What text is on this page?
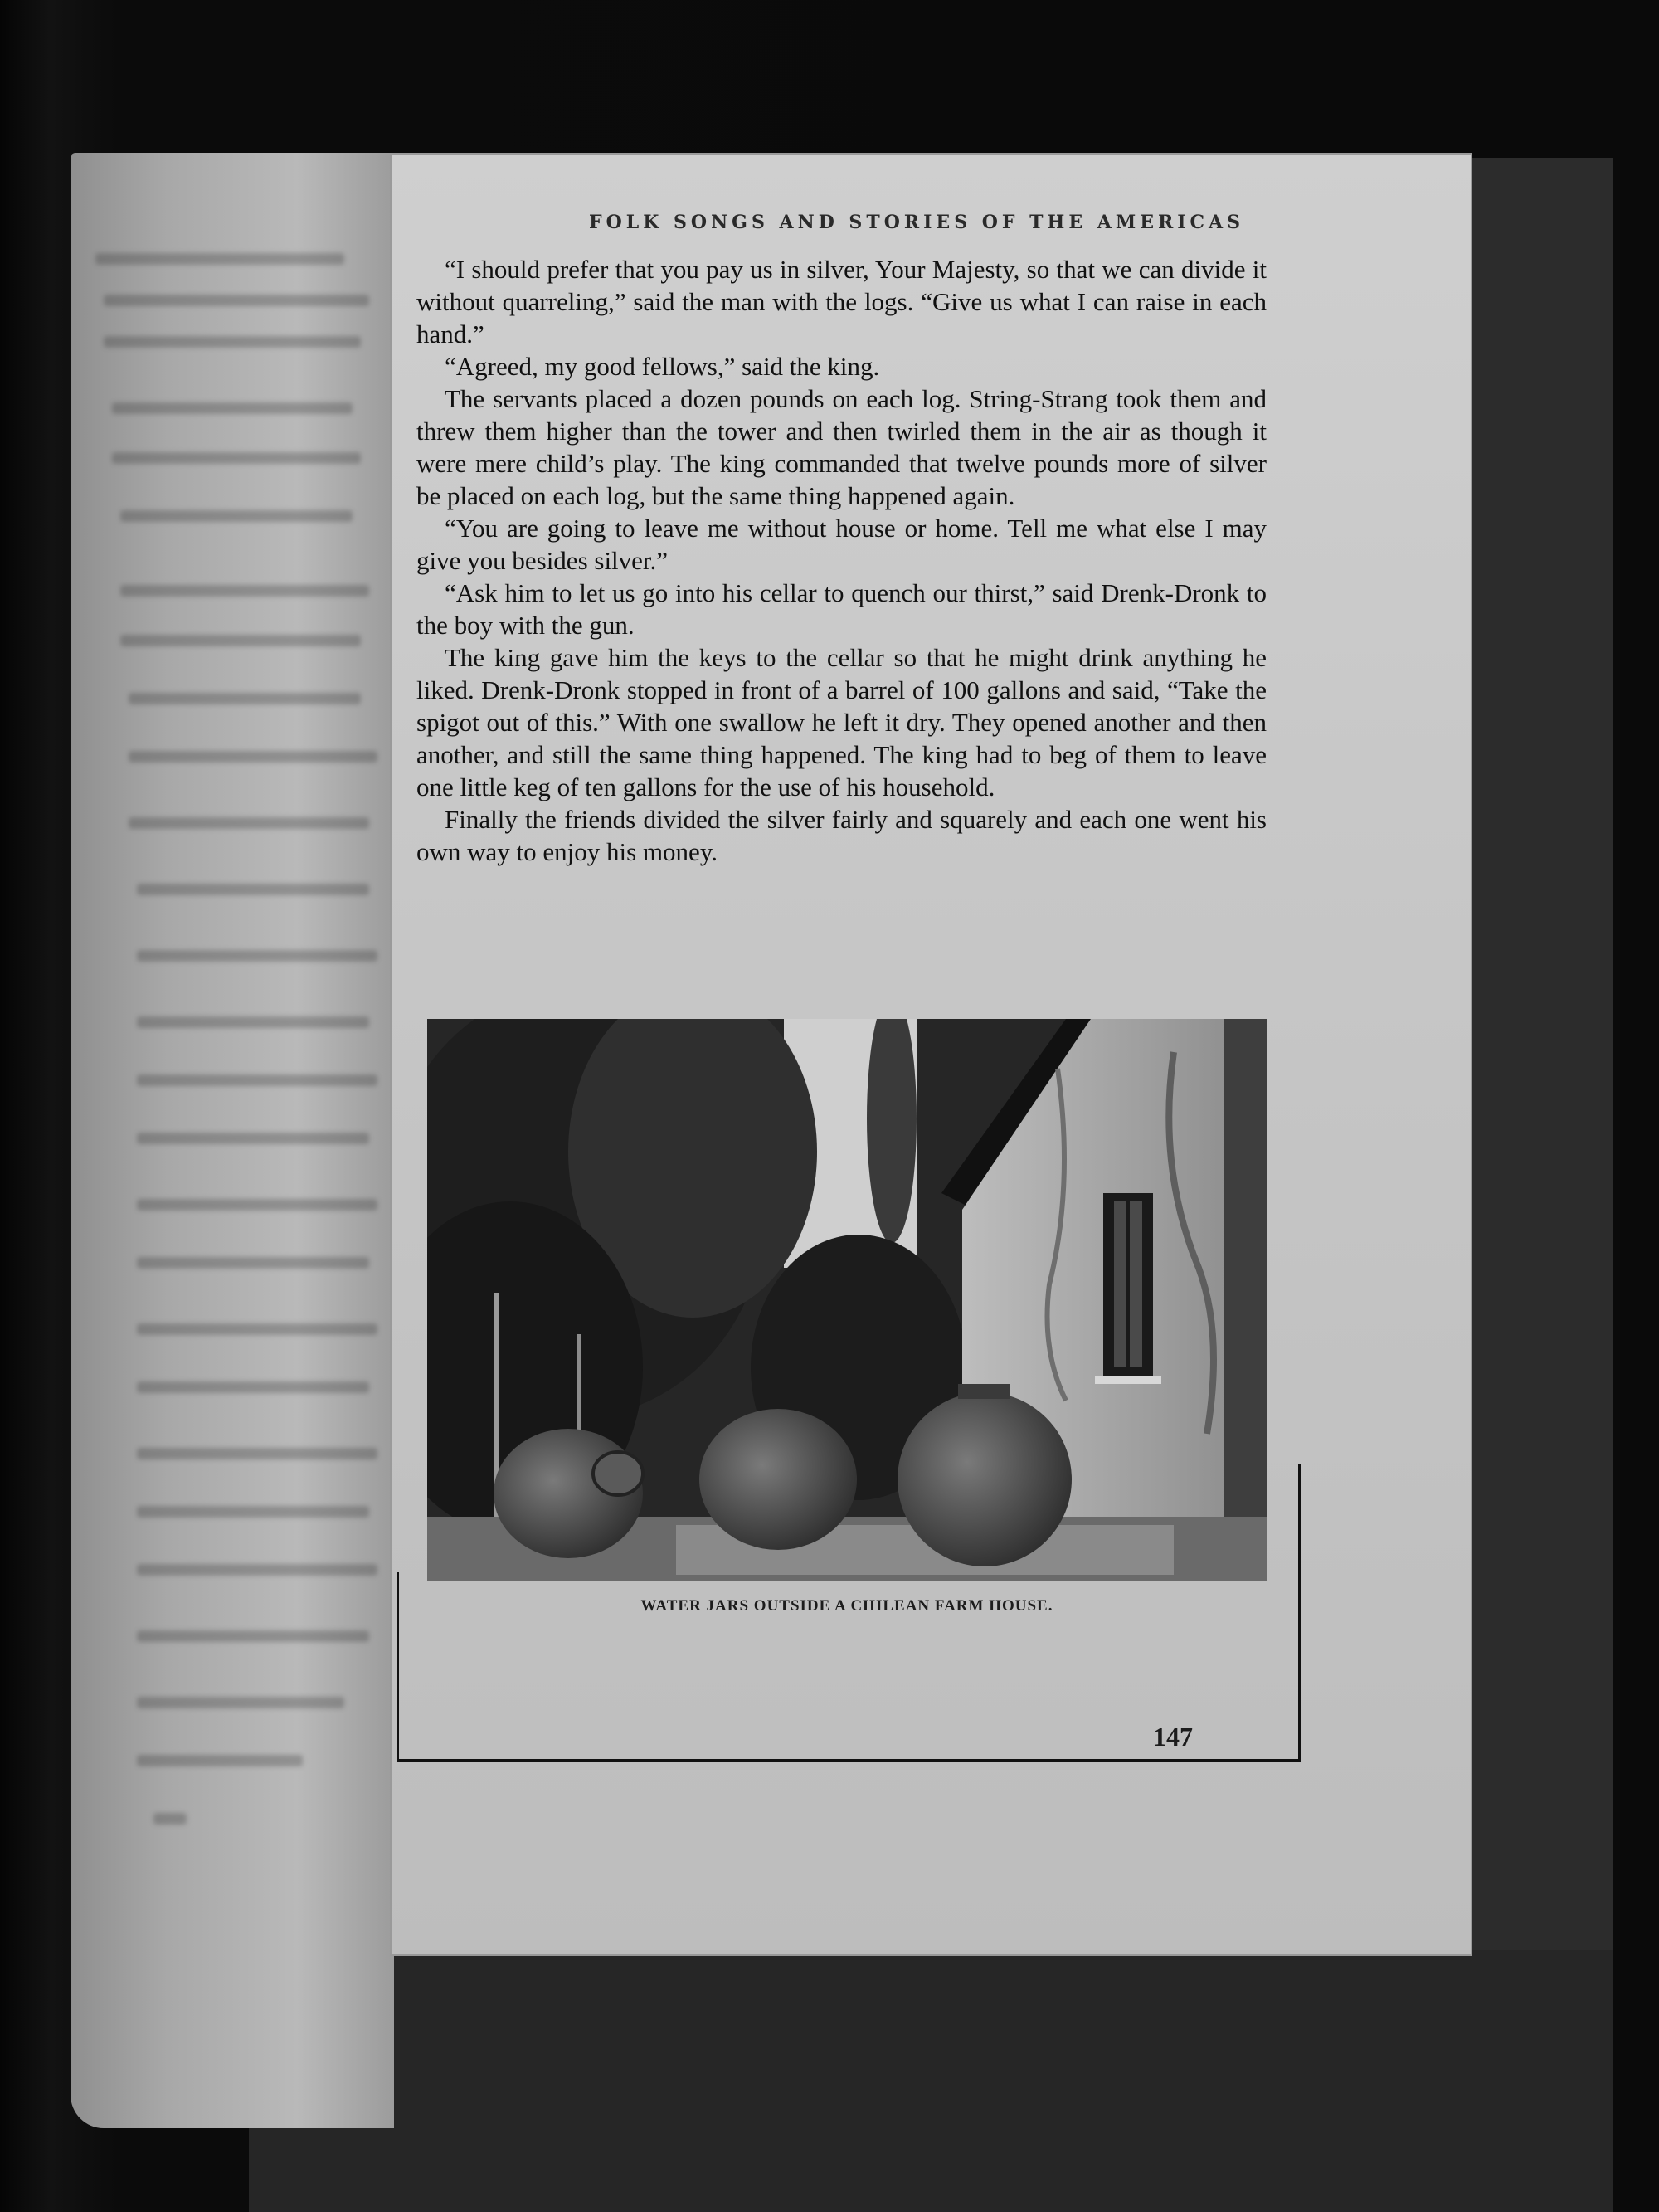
FOLK SONGS AND STORIES OF THE AMERICAS

“I should prefer that you pay us in silver, Your Majesty, so that we can divide it without quarreling,” said the man with the logs. “Give us what I can raise in each hand.”

“Agreed, my good fellows,” said the king.

The servants placed a dozen pounds on each log. String-Strang took them and threw them higher than the tower and then twirled them in the air as though it were mere child’s play. The king commanded that twelve pounds more of silver be placed on each log, but the same thing happened again.

“You are going to leave me without house or home. Tell me what else I may give you besides silver.”

“Ask him to let us go into his cellar to quench our thirst,” said Drenk-Dronk to the boy with the gun.

The king gave him the keys to the cellar so that he might drink anything he liked. Drenk-Dronk stopped in front of a barrel of 100 gallons and said, “Take the spigot out of this.” With one swallow he left it dry. They opened another and then another, and still the same thing happened. The king had to beg of them to leave one little keg of ten gallons for the use of his household.

Finally the friends divided the silver fairly and squarely and each one went his own way to enjoy his money.

WATER JARS OUTSIDE A CHILEAN FARM HOUSE.
147
